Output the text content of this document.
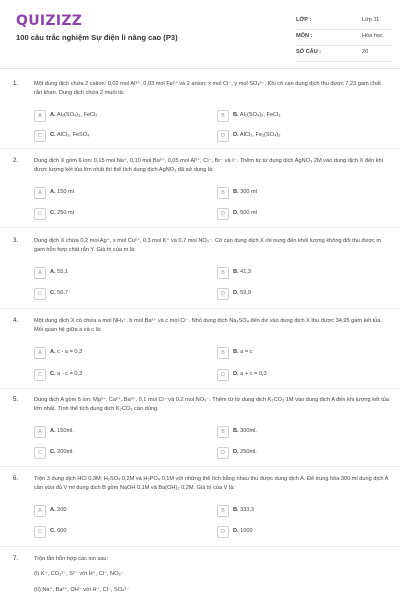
QUIZIZZ
100 câu trắc nghiệm Sự điện li nâng cao (P3)
LỚP :	Lớp 11
MÔN :	Hóa học
SỐ CÂU :	20
1.	Một dung dịch chứa 2 cation: 0,02 mol Al³⁺, 0,03 mol Fe²⁺ và 2 anion: x mol Cl⁻, y mol SO₄²⁻. Khi cô cạn dung dịch thu được 7,23 gam chất rắn khan. Dung dịch chứa 2 muối là:
A	A. Al₂(SO₄)₃, FeCl₂	B	B. Al₂(SO₄)₃, FeCl₃
C	C. AlCl₃, FeSO₄	D	D. AlCl₃, Fe₂(SO₄)₃
2.	Dung dịch X gồm 6 ion: 0,15 mol Na⁺, 0,10 mol Ba²⁺, 0,05 mol Al³⁺, Cl⁻, Br⁻ và I⁻. Thêm từ từ dung dịch AgNO₃ 2M vào dung dịch X đến khi được lượng kết tủa lớn nhất thì thể tích dung dịch AgNO₃ đã sử dụng là:
A	A. 150 ml	B	B. 300 ml
C	C. 250 ml	D	D. 500 ml
3.	Dung dịch X chứa 0,2 mol Ag⁺, x mol Cu²⁺, 0,3 mol K⁺ và 0,7 mol NO₃⁻. Cô cạn dung dịch X rồi nung đến khối lượng không đổi thu được m gam hỗn hợp chất rắn Y. Giá trị của m là:
A	A. 55,1	B	B. 41,3
C	C. 56,7	D	D. 59,9
4.	Một dung dịch X có chứa a mol NH₄⁺, b mol Ba²⁺ và c mol Cl⁻. Nhỏ dung dịch Na₂SO₄ đến dư vào dung dịch X thu được 34,95 gam kết tủa. Mối quan hệ giữa a và c là:
A	A. c - a = 0,3	B	B. a = c
C	C. a - c = 0,3	D	D. a + c = 0,3
5.	Dung dịch A gồm 5 ion: Mg²⁺, Ca²⁺, Ba²⁺, 0,1 mol Cl⁻ và 0,2 mol NO₃⁻. Thêm từ từ dung dịch K₂CO₃ 1M vào dung dịch A đến khi lượng kết tủa lớn nhất. Tính thể tích dung dịch K₂CO₃ cần dùng.
A	A. 150ml.	B	B. 300ml.
C	C. 200ml.	D	D. 250ml.
6.	Trộn 3 dung dịch HCl 0,3M; H₂SO₄ 0,2M và H₃PO₄ 0,1M với những thể tích bằng nhau thu được dung dịch A. Để trung hòa 300 ml dung dịch A cần vừa đủ V ml dung dịch B gồm NaOH 0,1M và Ba(OH)₂ 0,2M. Giá trị của V là:
A	A. 200	B	B. 333,3
C	C. 600	D	D. 1000
7.	Trộn lẫn hỗn hợp các ion sau:
(I) K⁺, CO₃²⁻, S²⁻ với H⁺, Cl⁻, NO₃⁻
(II) Na⁺, Ba²⁺, OH⁻ với H⁺, Cl⁻, SO₄²⁻
